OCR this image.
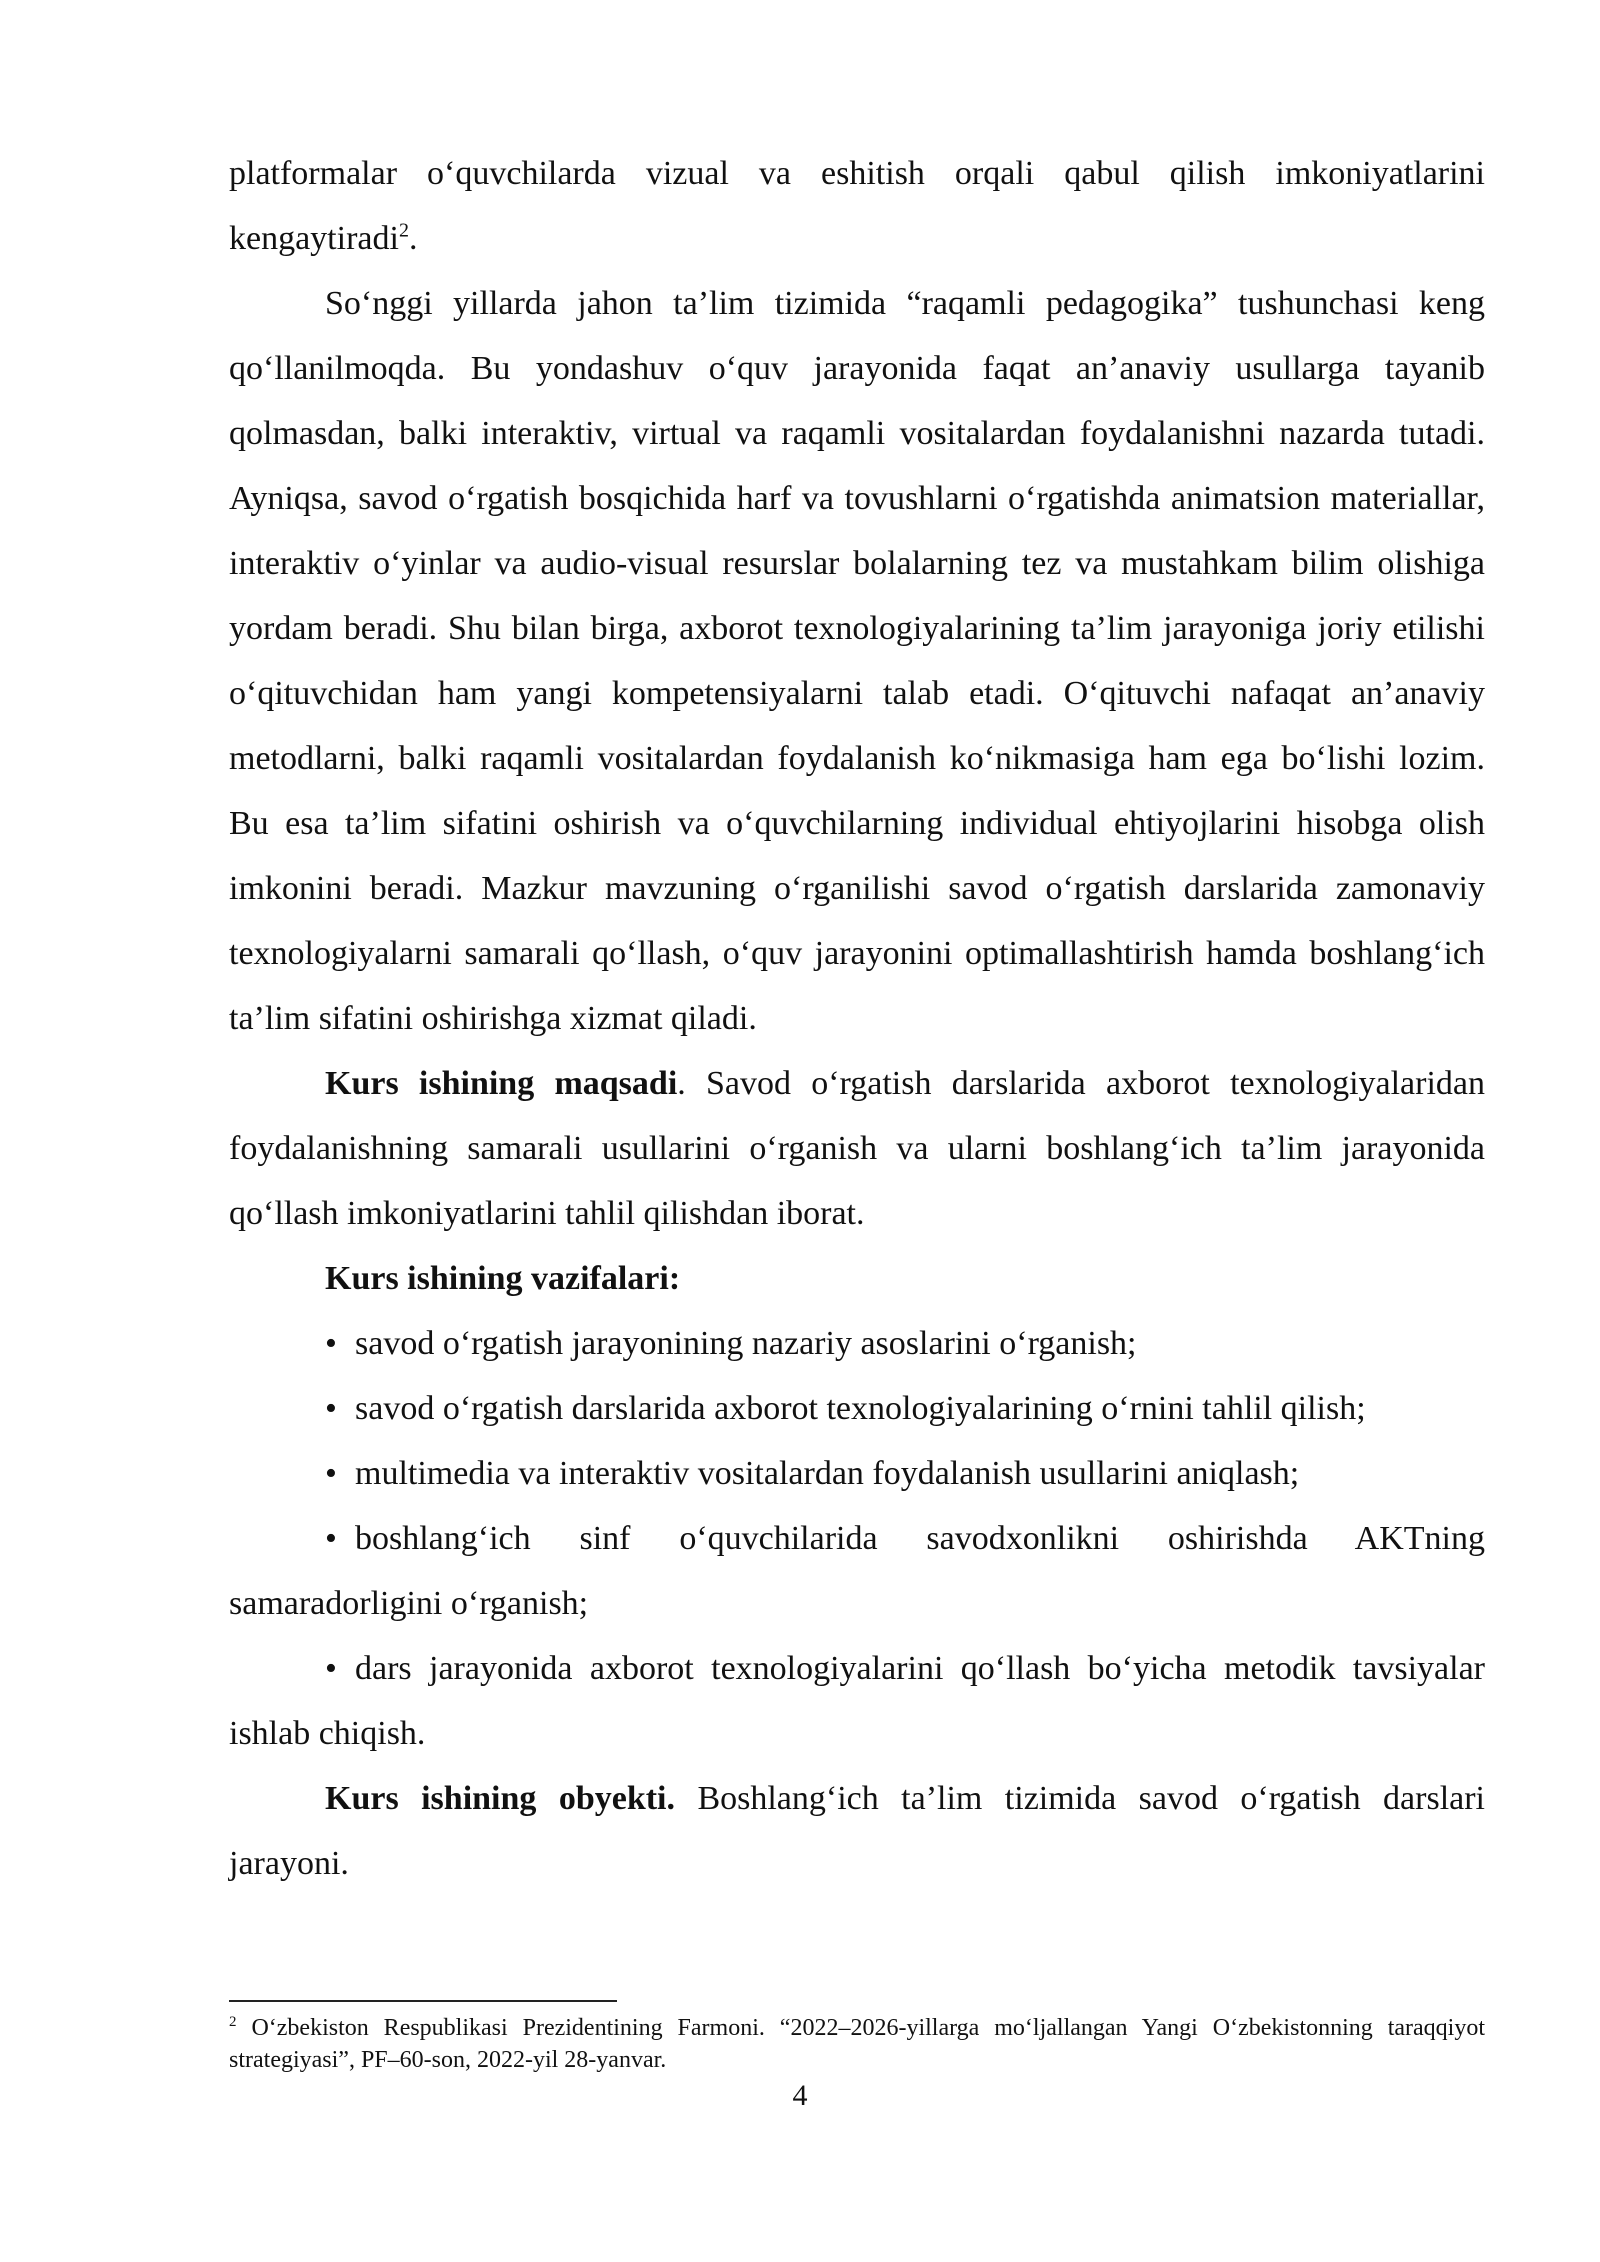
platformalar o‘quvchilarda vizual va eshitish orqali qabul qilish imkoniyatlarini kengaytiradi$^2$.

So‘nggi yillarda jahon ta’lim tizimida “raqamli pedagogika” tushunchasi keng qo‘llanilmoqda. Bu yondashuv o‘quv jarayonida faqat an’anaviy usullarga tayanib qolmasdan, balki interaktiv, virtual va raqamli vositalardan foydalanishni nazarda tutadi. Ayniqsa, savod o‘rgatish bosqichida harf va tovushlarni o‘rgatishda animatsion materiallar, interaktiv o‘yinlar va audio-visual resurslar bolalarning tez va mustahkam bilim olishiga yordam beradi. Shu bilan birga, axborot texnologiyalarining ta’lim jarayoniga joriy etilishi o‘qituvchidan ham yangi kompetensiyalarni talab etadi. O‘qituvchi nafaqat an’anaviy metodlarni, balki raqamli vositalardan foydalanish ko‘nikmasiga ham ega bo‘lishi lozim. Bu esa ta’lim sifatini oshirish va o‘quvchilarning individual ehtiyojlarini hisobga olish imkonini beradi. Mazkur mavzuning o‘rganilishi savod o‘rgatish darslarida zamonaviy texnologiyalarni samarali qo‘llash, o‘quv jarayonini optimallashtirish hamda boshlang‘ich ta’lim sifatini oshirishga xizmat qiladi.

Kurs ishining maqsadi. Savod o‘rgatish darslarida axborot texnologiyalaridan foydalanishning samarali usullarini o‘rganish va ularni boshlang‘ich ta’lim jarayonida qo‘llash imkoniyatlarini tahlil qilishdan iborat.

Kurs ishining vazifalari:

• savod o‘rgatish jarayonining nazariy asoslarini o‘rganish;

• savod o‘rgatish darslarida axborot texnologiyalarining o‘rnini tahlil qilish;

• multimedia va interaktiv vositalardan foydalanish usullarini aniqlash;

• boshlang‘ich sinf o‘quvchilarida savodxonlikni oshirishda AKTning samaradorligini o‘rganish;

• dars jarayonida axborot texnologiyalarini qo‘llash bo‘yicha metodik tavsiyalar ishlab chiqish.

Kurs ishining obyekti. Boshlang‘ich ta’lim tizimida savod o‘rgatish darslari jarayoni.

$^2$ O‘zbekiston Respublikasi Prezidentining Farmoni. “2022–2026-yillarga mo‘ljallangan Yangi O‘zbekistonning taraqqiyot strategiyasi”, PF–60-son, 2022-yil 28-yanvar.

4
